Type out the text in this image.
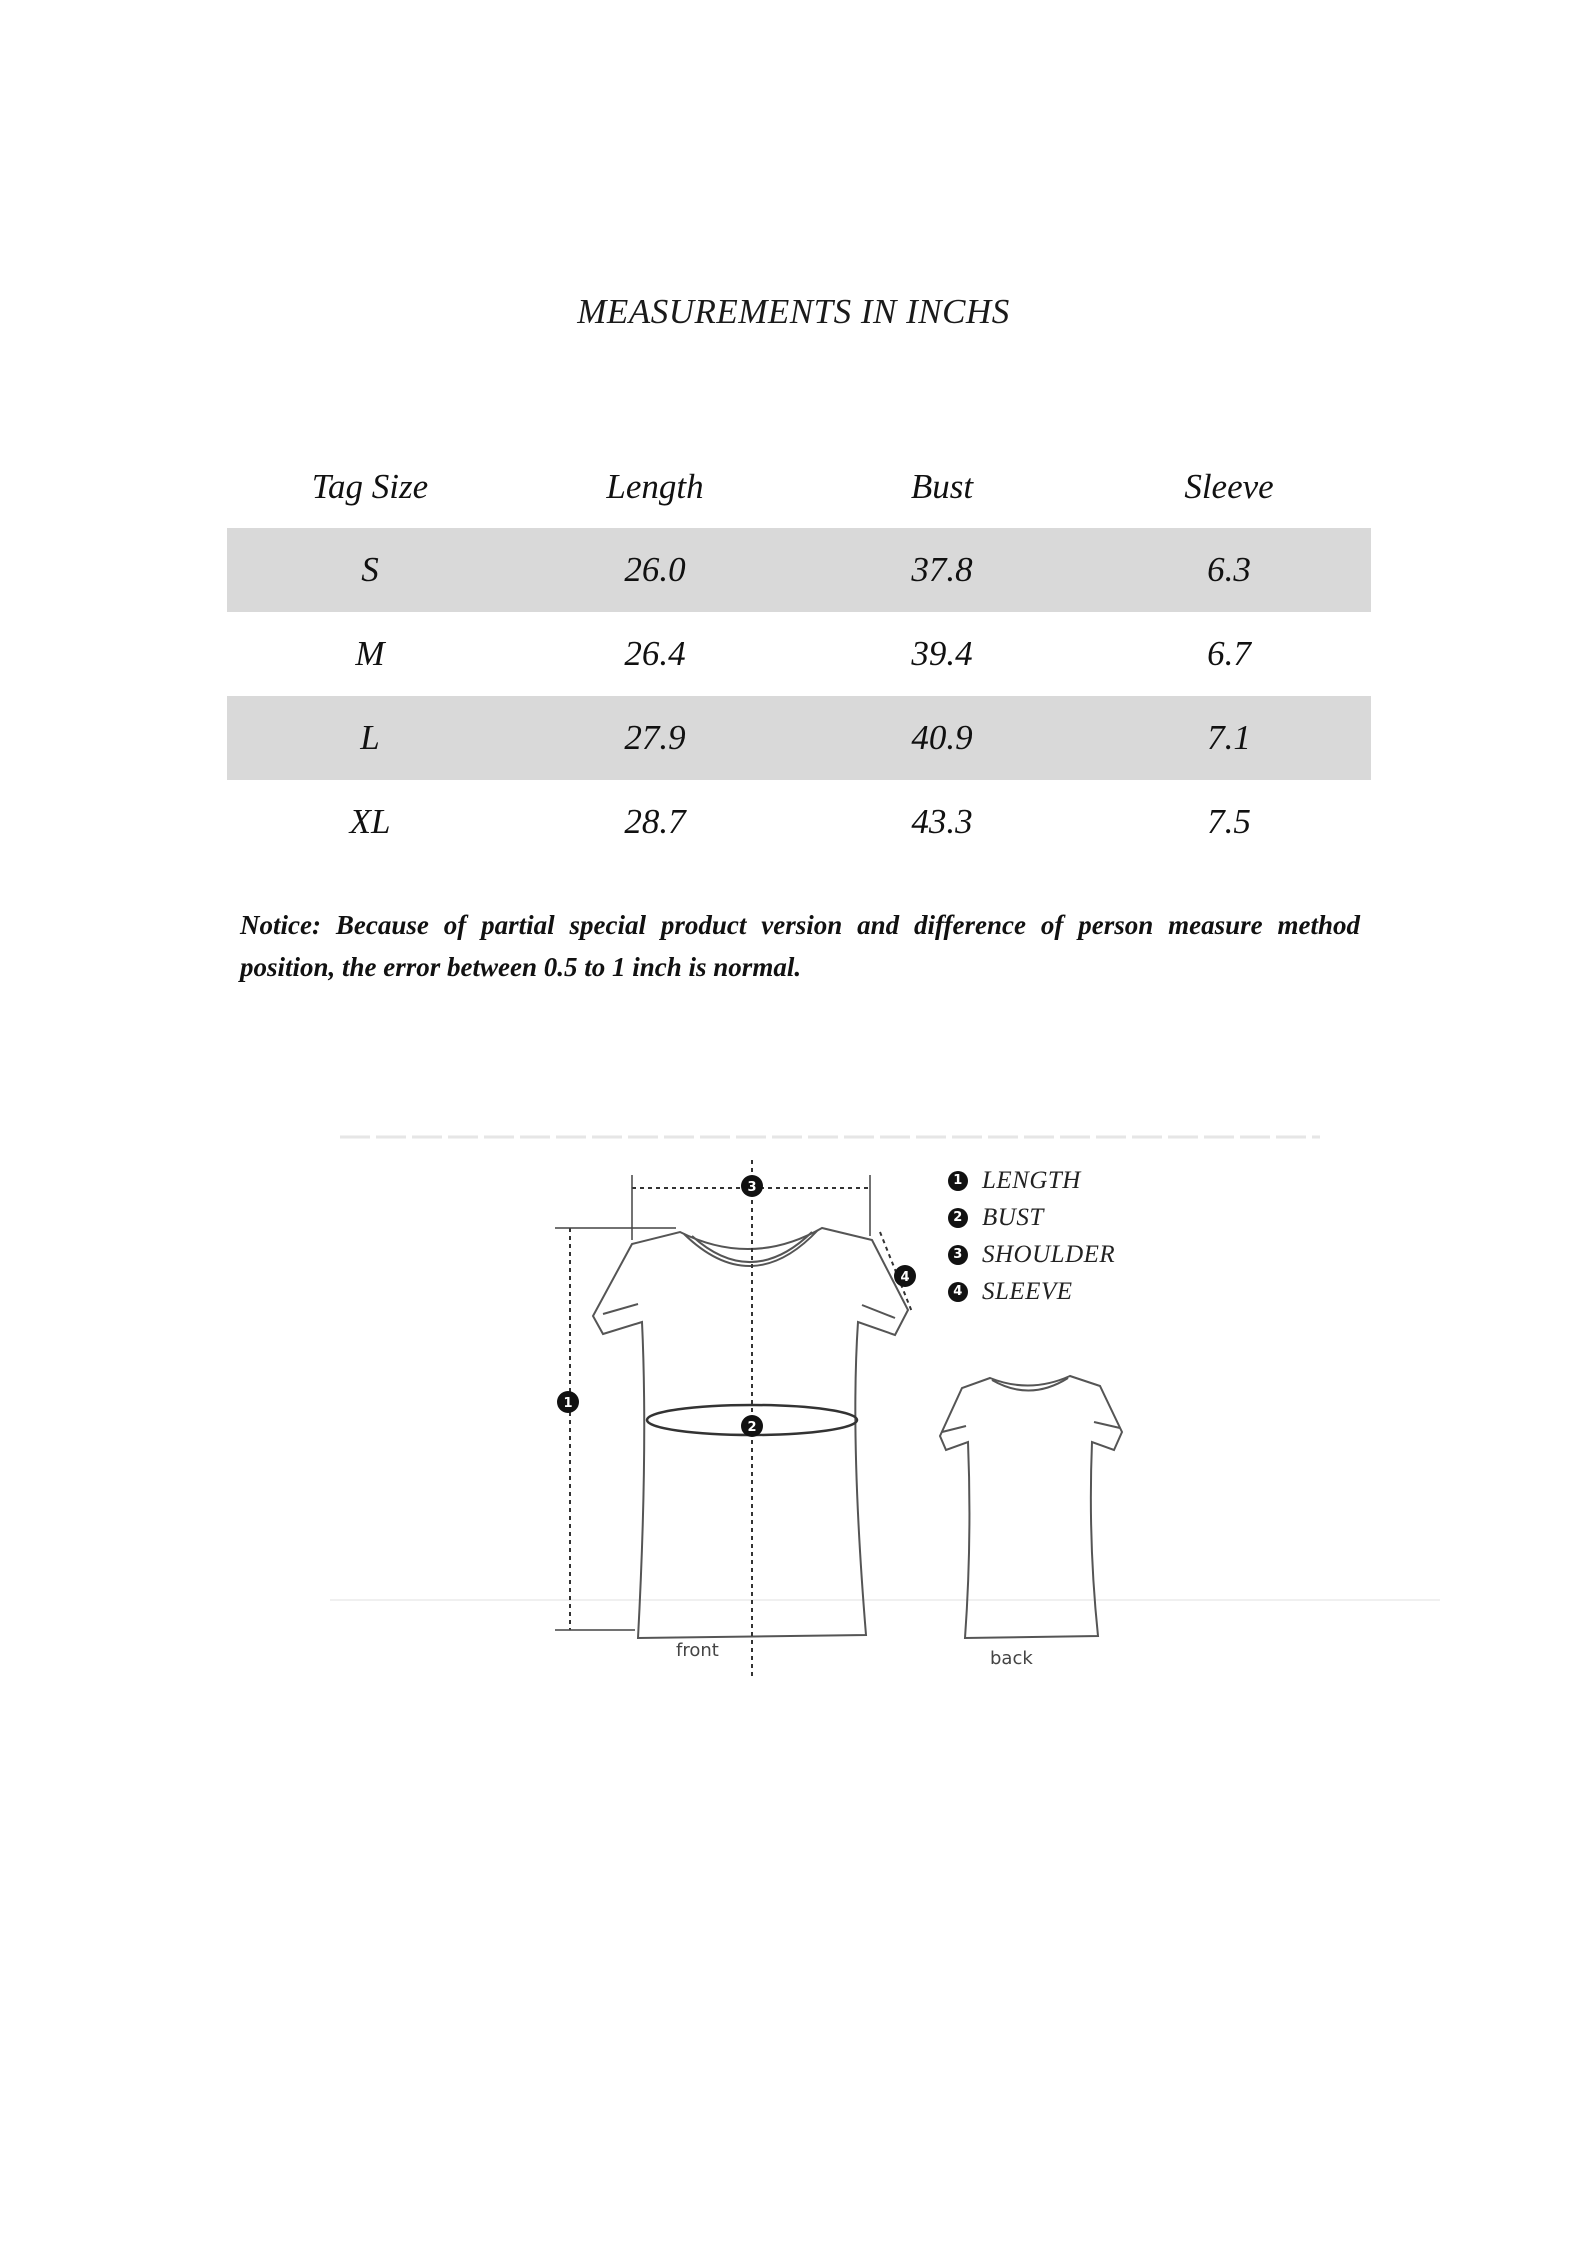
MEASUREMENTS IN INCHS
Tag Size	Length	Bust	Sleeve
S	26.0	37.8	6.3
M	26.4	39.4	6.7
L	27.9	40.9	7.1
XL	28.7	43.3	7.5
Notice: Because of partial special product version and difference of person measure method position, the error between 0.5 to 1 inch is normal.
3
2
1
4
1 LENGTH
2 BUST
3 SHOULDER
4 SLEEVE
front	back
